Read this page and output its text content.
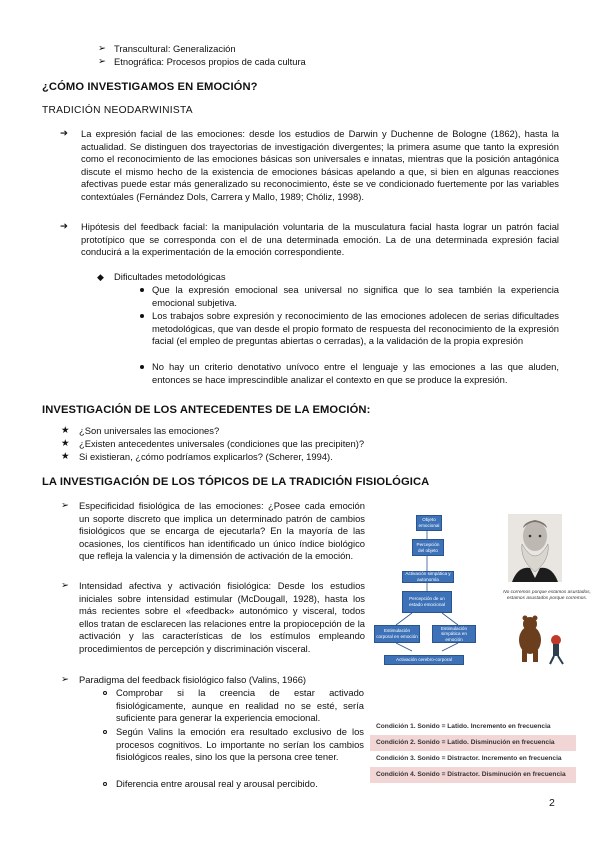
➢ Transcultural: Generalización
➢ Etnográfica: Procesos propios de cada cultura
¿CÓMO INVESTIGAMOS EN EMOCIÓN?
TRADICIÓN NEODARWINISTA
➔ La expresión facial de las emociones: desde los estudios de Darwin y Duchenne de Bologne (1862), hasta la actualidad. Se distinguen dos trayectorias de investigación divergentes; la primera asume que tanto la expresión como el reconocimiento de las emociones básicas son universales e innatas, mientras que la posición antagónica discute el mismo hecho de la existencia de emociones básicas apelando a que, si bien en algunas reacciones afectivas puede estar más generalizado su reconocimiento, éste se ve condicionado fuertemente por las variables contextúales (Fernández Dols, Carrera y Mallo, 1989; Chóliz, 1998).
➔ Hipótesis del feedback facial: la manipulación voluntaria de la musculatura facial hasta lograr un patrón facial prototípico que se corresponda con el de una determinada emoción. La de una determinada expresión facial conducirá a la experimentación de la emoción correspondiente.
◆ Dificultades metodológicas
Que la expresión emocional sea universal no significa que lo sea también la experiencia emocional subjetiva.
Los trabajos sobre expresión y reconocimiento de las emociones adolecen de serias dificultades metodológicas, que van desde el propio formato de respuesta del reconocimiento de la expresión facial (el empleo de preguntas abiertas o cerradas), a la validación de la propia expresión
No hay un criterio denotativo unívoco entre el lenguaje y las emociones a las que aluden, entonces se hace imprescindible analizar el contexto en que se produce la expresión.
INVESTIGACIÓN DE LOS ANTECEDENTES DE LA EMOCIÓN:
★ ¿Son universales las emociones?
★ ¿Existen antecedentes universales (condiciones que las precipiten)?
★ Si existieran, ¿cómo podríamos explicarlos? (Scherer, 1994).
LA INVESTIGACIÓN DE LOS TÓPICOS DE LA TRADICIÓN FISIOLÓGICA
➢ Especificidad fisiológica de las emociones: ¿Posee cada emoción un soporte discreto que implica un determinado patrón de cambios fisiológicos que se encarga de ejecutarla? En la mayoría de las ocasiones, los científicos han identificado un único índice biológico que refleja la valencia y la dimensión de activación de la emoción.
➢ Intensidad afectiva y activación fisiológica: Desde los estudios iniciales sobre intensidad estimular (McDougall, 1928), hasta los más recientes sobre el «feedback» autonómico y visceral, todos ellos tratan de esclarecen las relaciones entre la propiocepción de la activación y las características de los estímulos empleando procedimientos de percepción y discriminación visceral.
➢ Paradigma del feedback fisiológico falso (Valins, 1966)
Comprobar si la creencia de estar activado fisiológicamente, aunque en realidad no se esté, sería suficiente para generar la experiencia emocional.
Según Valins la emoción era resultado exclusivo de los procesos cognitivos. Lo importante no serían los cambios fisiológicos reales, sino los que la persona cree tener.
Diferencia entre arousal real y arousal percibido.
Objeto emocional
Percepción del objeto
Activación simpática y autonomía
Percepción de un estado emocional
Estimulación corporal en emoción
Estimulación simpática en emoción
Activación cerebro-corporal
No corremos porque estamos asustados, estamos asustados porque corremos.
Condición 1. Sonido = Latido. Incremento en frecuencia
Condición 2. Sonido = Latido. Disminución en frecuencia
Condición 3. Sonido = Distractor. Incremento en frecuencia
Condición 4. Sonido = Distractor. Disminución en frecuencia
2
